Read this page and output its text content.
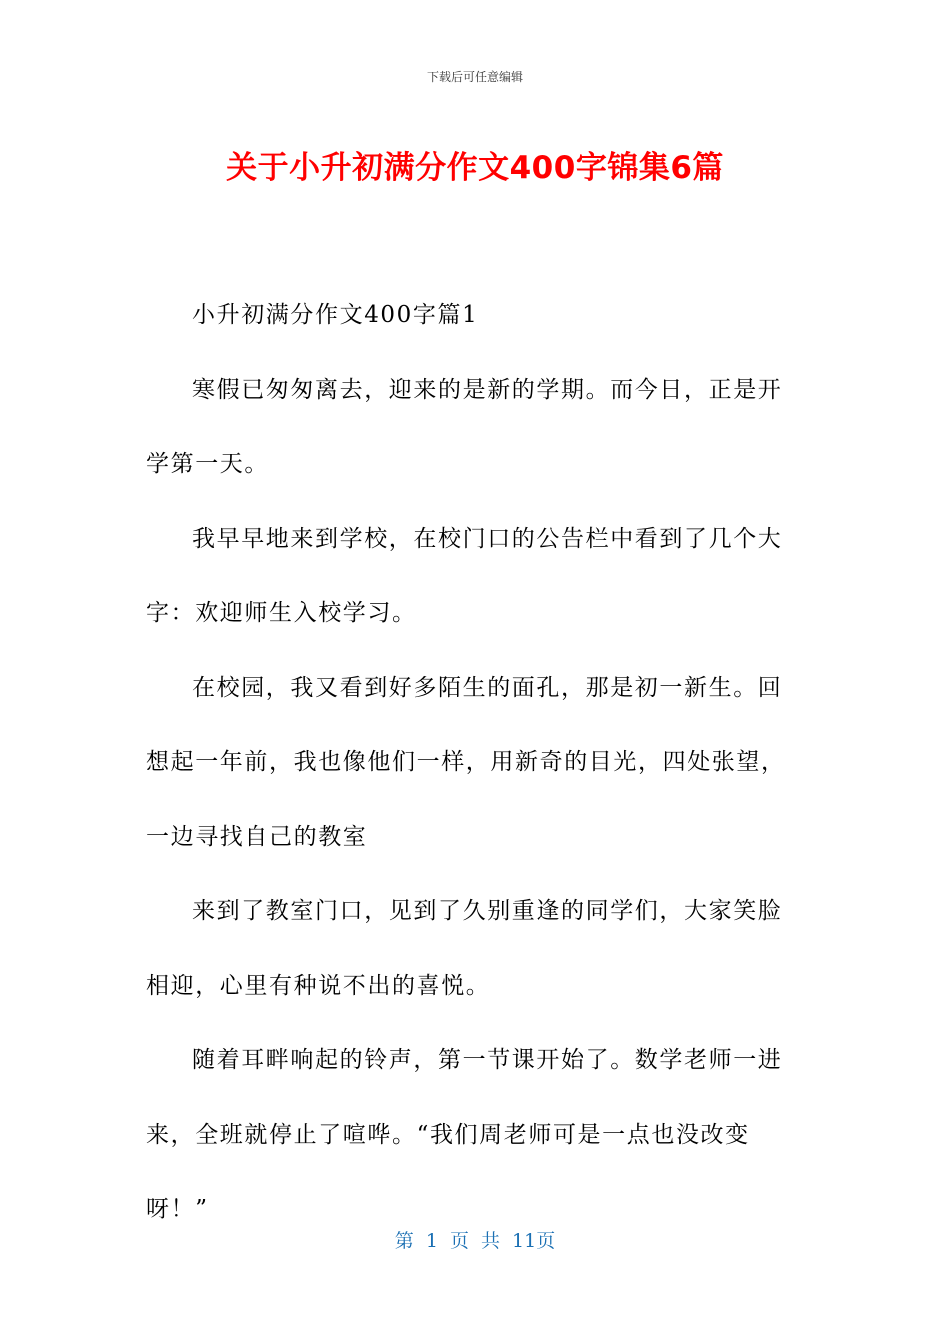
下载后可任意编辑
关于小升初满分作文400字锦集6篇

小升初满分作文400字篇1

寒假已匆匆离去，迎来的是新的学期。而今日，正是开学第一天。

我早早地来到学校，在校门口的公告栏中看到了几个大字：欢迎师生入校学习。

在校园，我又看到好多陌生的面孔，那是初一新生。回想起一年前，我也像他们一样，用新奇的目光，四处张望，一边寻找自己的教室

来到了教室门口，见到了久别重逢的同学们，大家笑脸相迎，心里有种说不出的喜悦。

随着耳畔响起的铃声，第一节课开始了。数学老师一进来，全班就停止了喧哗。“我们周老师可是一点也没改变呀！”

第 1 页 共 11页
